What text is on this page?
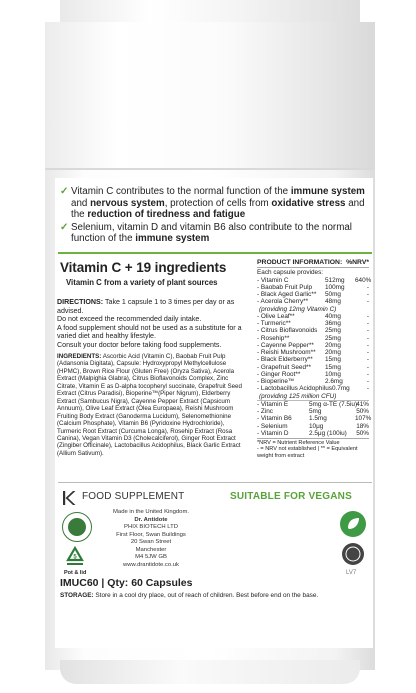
✓ Vitamin C contributes to the normal function of the immune system and nervous system, protection of cells from oxidative stress and the reduction of tiredness and fatigue
✓ Selenium, vitamin D and vitamin B6 also contribute to the normal function of the immune system
Vitamin C + 19 ingredients
Vitamin C from a variety of plant sources

DIRECTIONS: Take 1 capsule 1 to 3 times per day or as advised.

Do not exceed the recommended daily intake.

A food supplement should not be used as a substitute for a varied diet and healthy lifestyle.

Consult your doctor before taking food supplements.

INGREDIENTS: Ascorbic Acid (Vitamin C), Baobab Fruit Pulp (Adansonia Digitata), Capsule: Hydroxypropyl Methylcellulose (HPMC), Brown Rice Flour (Gluten Free) (Oryza Sativa), Acerola Extract (Malpighia Glabra), Citrus Bioflavonoids Complex, Zinc Citrate, Vitamin E as D-alpha tocopheryl succinate, Grapefruit Seed Extract (Citrus Paradisi), Bioperine™(Piper Nigrum), Elderberry Extract (Sambucus Nigra), Cayenne Pepper Extract (Capsicum Annuum), Olive Leaf Extract (Olea Europaea), Reishi Mushroom Fruiting Body Extract (Ganoderma Lucidum), Selenomethionine (Calcium Phosphate), Vitamin B6 (Pyridoxine Hydrochloride), Turmeric Root Extract (Curcuma Longa), Rosehip Extract (Rosa Canina), Vegan Vitamin D3 (Cholecalciferol), Ginger Root Extract (Zingiber Officinale), Lactobacillus Acidophilus, Black Garlic Extract (Allium Sativum).
PRODUCT INFORMATION: %NRV*
Each capsule provides:
- Vitamin C	512mg	640%
- Baobab Fruit Pulp	100mg	-
- Black Aged Garlic**	50mg	-
- Acerola Cherry**	48mg	-
(providing 12mg Vitamin C)
- Olive Leaf**	40mg	-
- Turmeric**	36mg	-
- Citrus Bioflavonoids	25mg	-
- Rosehip**	25mg	-
- Cayenne Pepper**	20mg	-
- Reishi Mushroom**	20mg	-
- Black Elderberry**	15mg	-
- Grapefruit Seed**	15mg	-
- Ginger Root**	10mg	-
- Bioperine™	2.6mg	-
- Lactobacillus Acidophilus 0.7mg	-
(providing 125 million CFU)
- Vitamin E	5mg α-TE (7.5iu) 41%
- Zinc	5mg	50%
- Vitamin B6	1.5mg	107%
- Selenium	10μg	18%
- Vitamin D	2.5μg (100iu)	50%
*NRV = Nutrient Reference Value
- = NRV not established | ** = Equivalent weight from extract
FOOD SUPPLEMENT	SUITABLE FOR VEGANS
5
Pot & lid
Made in the United Kingdom.
Dr. Antidote
PHIX BIOTECH LTD
First Floor, Swan Buildings
20 Swan Street
Manchester
M4 5JW GB
www.drantidote.co.uk
LV7
IMUC60 | Qty: 60 Capsules
STORAGE: Store in a cool dry place, out of reach of children. Best before end on the base.
